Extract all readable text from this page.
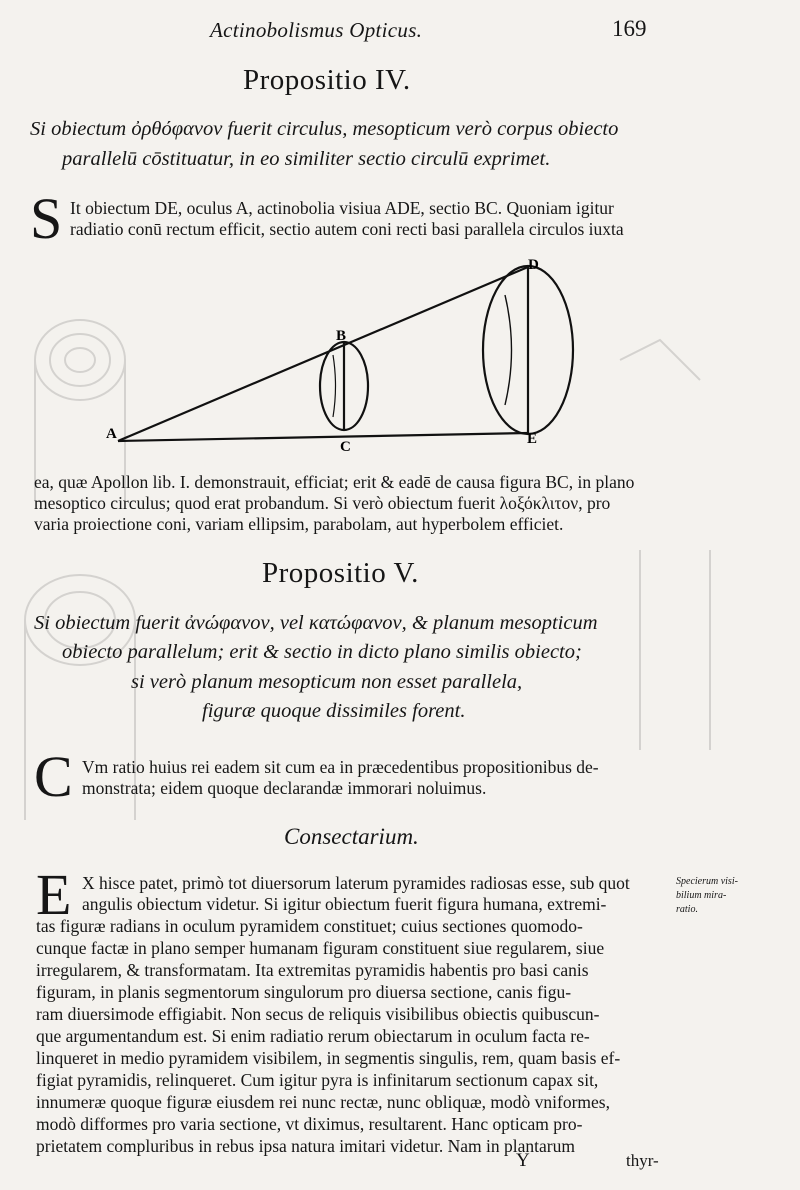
Actinobolismus Opticus.	169
Propositio IV.
Si obiectum ὀρθόφανον fuerit circulus, mesopticum verò corpus obiecto
parallelū cōstituatur, in eo similiter sectio circulū exprimet.
S It obiectum DE, oculus A, actinobolia visiua ADE, sectio BC. Quoniam igitur
radiatio conū rectum efficit, sectio autem coni recti basi parallela circulos iuxta
A
B
C
D
E
ea, quæ Apollon lib. I. demonstrauit, efficiat; erit & eadē de causa figura BC, in plano
mesoptico circulus; quod erat probandum. Si verò obiectum fuerit λοξόκλιτον, pro
varia proiectione coni, variam ellipsim, parabolam, aut hyperbolem efficiet.
Propositio V.
Si obiectum fuerit ἀνώφανον, vel κατώφανον, & planum mesopticum
obiecto parallelum; erit & sectio in dicto plano similis obiecto;
si verò planum mesopticum non esset parallela,
figuræ quoque dissimiles forent.
C Vm ratio huius rei eadem sit cum ea in præcedentibus propositionibus de-
monstrata; eidem quoque declarandæ immorari noluimus.
Consectarium.
E X hisce patet, primò tot diuersorum laterum pyramides radiosas esse, sub quot
angulis obiectum videtur. Si igitur obiectum fuerit figura humana, extremi-
tas figuræ radians in oculum pyramidem constituet; cuius sectiones quomodo-
cunque factæ in plano semper humanam figuram constituent siue regularem, siue
irregularem, & transformatam. Ita extremitas pyramidis habentis pro basi canis
figuram, in planis segmentorum singulorum pro diuersa sectione, canis figu-
ram diuersimode effigiabit. Non secus de reliquis visibilibus obiectis quibuscun-
que argumentandum est. Si enim radiatio rerum obiectarum in oculum facta re-
linqueret in medio pyramidem visibilem, in segmentis singulis, rem, quam basis ef-
figiat pyramidis, relinqueret. Cum igitur pyra is infinitarum sectionum capax sit,
innumeræ quoque figuræ eiusdem rei nunc rectæ, nunc obliquæ, modò vniformes,
modò difformes pro varia sectione, vt diximus, resultarent. Hanc opticam pro-
prietatem compluribus in rebus ipsa natura imitari videtur. Nam in plantarum
Specierum visi-
bilium mira-
ratio.
Y	thyr-
